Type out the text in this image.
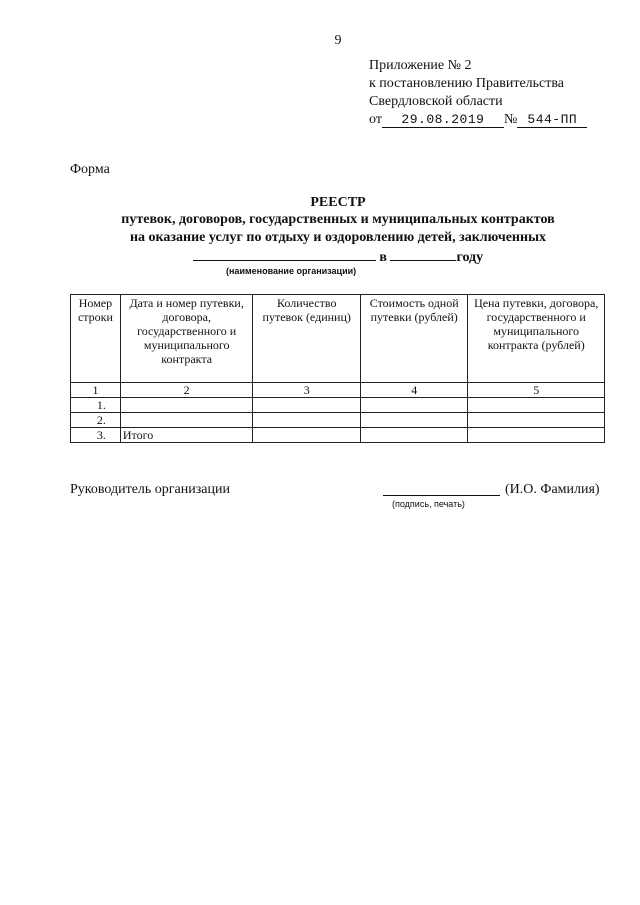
9
Приложение № 2
к постановлению Правительства
Свердловской области
от 29.08.2019 № 544-ПП
Форма
РЕЕСТР
путевок, договоров, государственных и муниципальных контрактов
на оказание услуг по отдыху и оздоровлению детей, заключенных
в	году
(наименование организации)
Номер строки	Дата и номер путевки, договора, государственного и муниципального контракта	Количество путевок (единиц)	Стоимость одной путевки (рублей)	Цена путевки, договора, государственного и муниципального контракта (рублей)
1	2	3	4	5
1.				
2.				
3.	Итого			
Руководитель организации	(И.О. Фамилия)
(подпись, печать)
